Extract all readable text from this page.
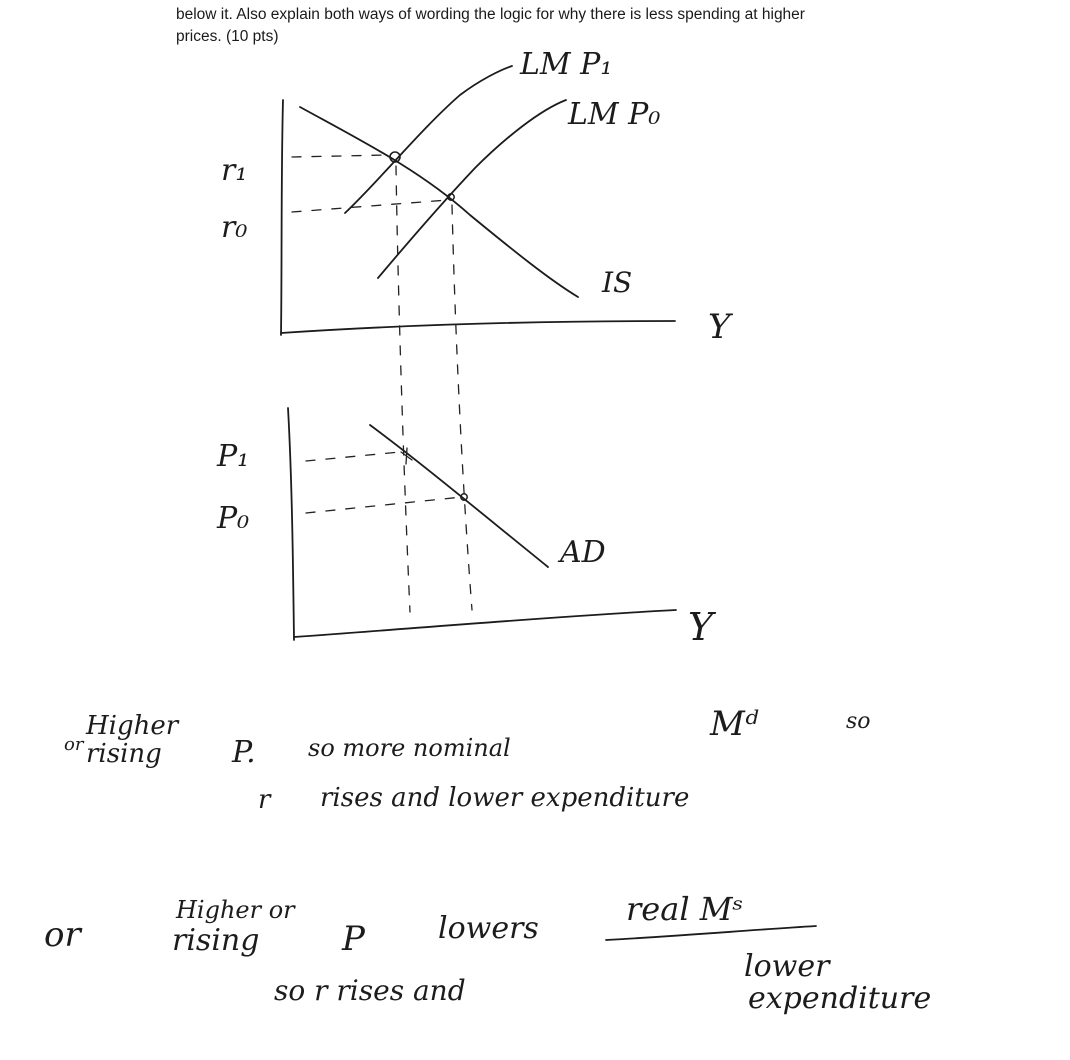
below it. Also explain both ways of wording the logic for why there is less spending at higher
prices. (10 pts)
r₁
r₀
LM P₁
LM P₀
IS
Y
P₁
P₀
AD
Y
or
Higher
rising P. so more nominal
Mᵈ	so
r rises and lower expenditure
or
Higher or
rising P lowers
real Mˢ
so r rises and
lower
expenditure
